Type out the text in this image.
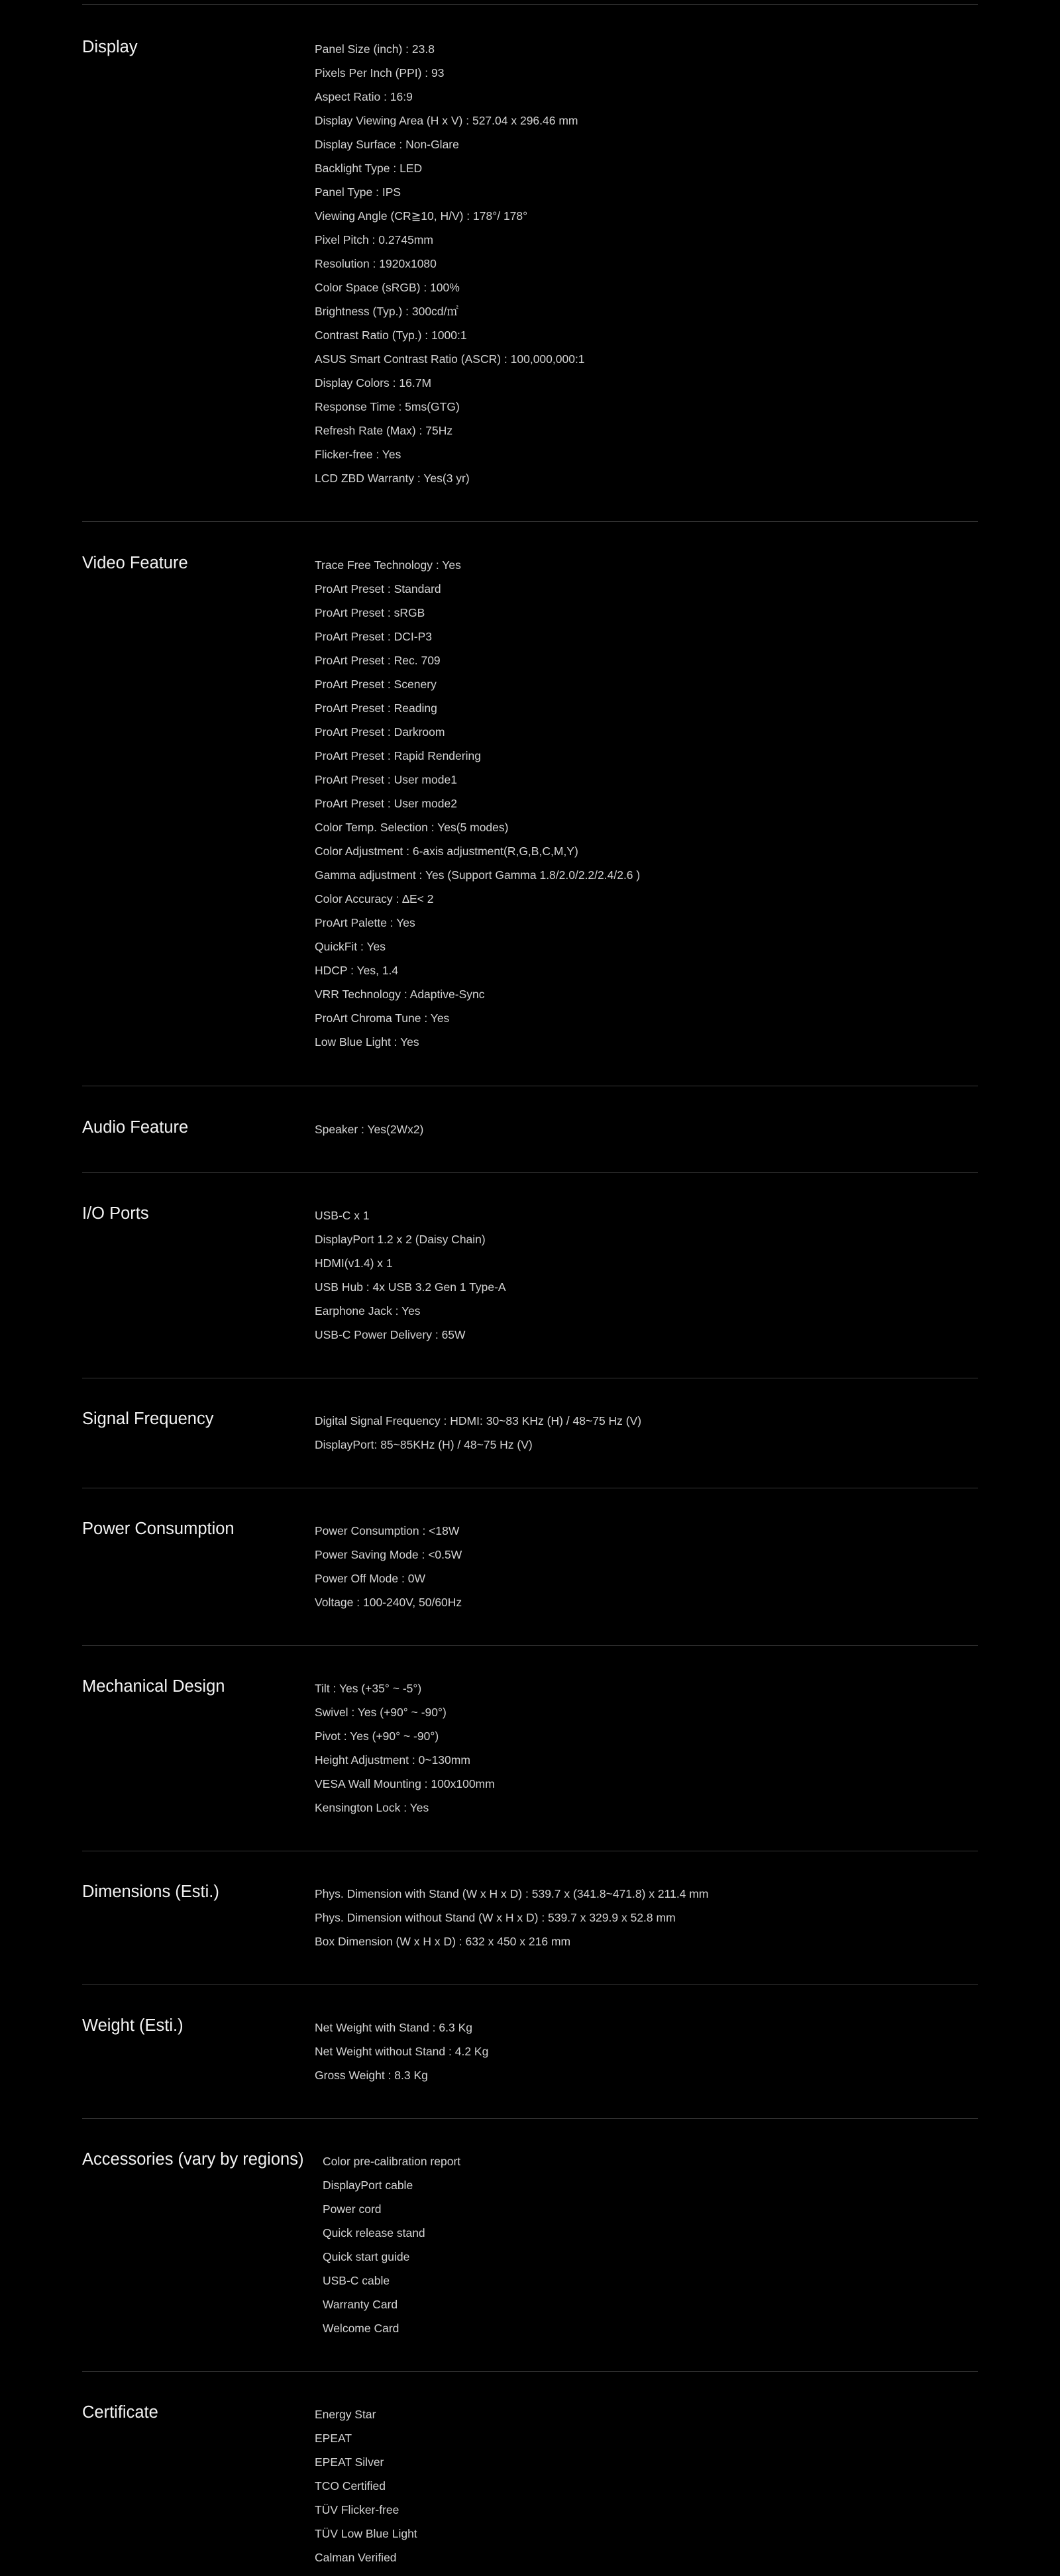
Display	Panel Size (inch) : 23.8
Pixels Per Inch (PPI) : 93
Aspect Ratio : 16:9
Display Viewing Area (H x V) : 527.04 x 296.46 mm
Display Surface : Non-Glare
Backlight Type : LED
Panel Type : IPS
Viewing Angle (CR≧10, H/V) : 178°/ 178°
Pixel Pitch : 0.2745mm
Resolution : 1920x1080
Color Space (sRGB) : 100%
Brightness (Typ.) : 300cd/㎡
Contrast Ratio (Typ.) : 1000:1
ASUS Smart Contrast Ratio (ASCR) : 100,000,000:1
Display Colors : 16.7M
Response Time : 5ms(GTG)
Refresh Rate (Max) : 75Hz
Flicker-free : Yes
LCD ZBD Warranty : Yes(3 yr)
Video Feature	Trace Free Technology : Yes
ProArt Preset : Standard
ProArt Preset : sRGB
ProArt Preset : DCI-P3
ProArt Preset : Rec. 709
ProArt Preset : Scenery
ProArt Preset : Reading
ProArt Preset : Darkroom
ProArt Preset : Rapid Rendering
ProArt Preset : User mode1
ProArt Preset : User mode2
Color Temp. Selection : Yes(5 modes)
Color Adjustment : 6-axis adjustment(R,G,B,C,M,Y)
Gamma adjustment : Yes (Support Gamma 1.8/2.0/2.2/2.4/2.6 )
Color Accuracy : ∆E< 2
ProArt Palette : Yes
QuickFit : Yes
HDCP : Yes, 1.4
VRR Technology : Adaptive-Sync
ProArt Chroma Tune : Yes
Low Blue Light : Yes
Audio Feature	Speaker : Yes(2Wx2)
I/O Ports	USB-C x 1
DisplayPort 1.2 x 2 (Daisy Chain)
HDMI(v1.4) x 1
USB Hub : 4x USB 3.2 Gen 1 Type-A
Earphone Jack : Yes
USB-C Power Delivery : 65W
Signal Frequency	Digital Signal Frequency : HDMI: 30~83 KHz (H) / 48~75 Hz (V)
DisplayPort: 85~85KHz (H) / 48~75 Hz (V)
Power Consumption	Power Consumption : <18W
Power Saving Mode : <0.5W
Power Off Mode : 0W
Voltage : 100-240V, 50/60Hz
Mechanical Design	Tilt : Yes (+35° ~ -5°)
Swivel : Yes (+90° ~ -90°)
Pivot : Yes (+90° ~ -90°)
Height Adjustment : 0~130mm
VESA Wall Mounting : 100x100mm
Kensington Lock : Yes
Dimensions (Esti.)	Phys. Dimension with Stand (W x H x D) : 539.7 x (341.8~471.8) x 211.4 mm
Phys. Dimension without Stand (W x H x D) : 539.7 x 329.9 x 52.8 mm
Box Dimension (W x H x D) : 632 x 450 x 216 mm
Weight (Esti.)	Net Weight with Stand : 6.3 Kg
Net Weight without Stand : 4.2 Kg
Gross Weight : 8.3 Kg
Accessories (vary by regions)	Color pre-calibration report
DisplayPort cable
Power cord
Quick release stand
Quick start guide
USB-C cable
Warranty Card
Welcome Card
Certificate	Energy Star
EPEAT
EPEAT Silver
TCO Certified
TÜV Flicker-free
TÜV Low Blue Light
Calman Verified
